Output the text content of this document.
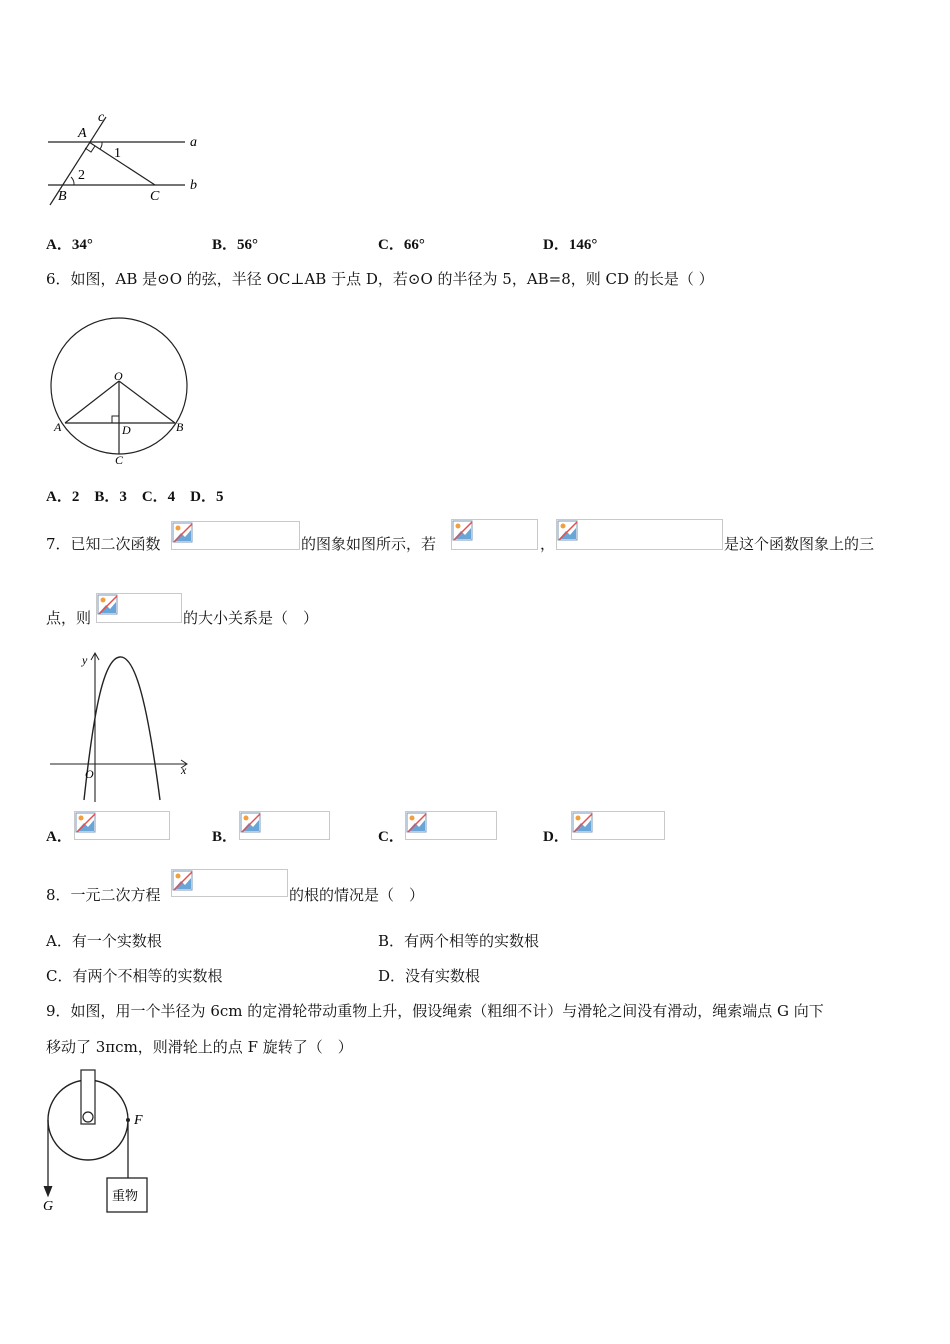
c
a
b
A
B	C
1
2
A．34°	B．56°	C．66°	D．146°
6．如图，AB 是⊙O 的弦，半径 OC⊥AB 于点 D，若⊙O 的半径为 5，AB=8，则 CD 的长是（ ）
O
A	B
D
C
A．2　B．3　C．4　D．5
7．已知二次函数	的图象如图所示，若	，	是这个函数图象上的三
点，则	的大小关系是（　）
y
x
O
A．	B．	C．	D．
8．一元二次方程	的根的情况是（　）
A．有一个实数根	B．有两个相等的实数根
C．有两个不相等的实数根	D．没有实数根
9．如图，用一个半径为 6cm 的定滑轮带动重物上升，假设绳索（粗细不计）与滑轮之间没有滑动，绳索端点 G 向下
移动了 3πcm，则滑轮上的点 F 旋转了（　）
重物
F
G
